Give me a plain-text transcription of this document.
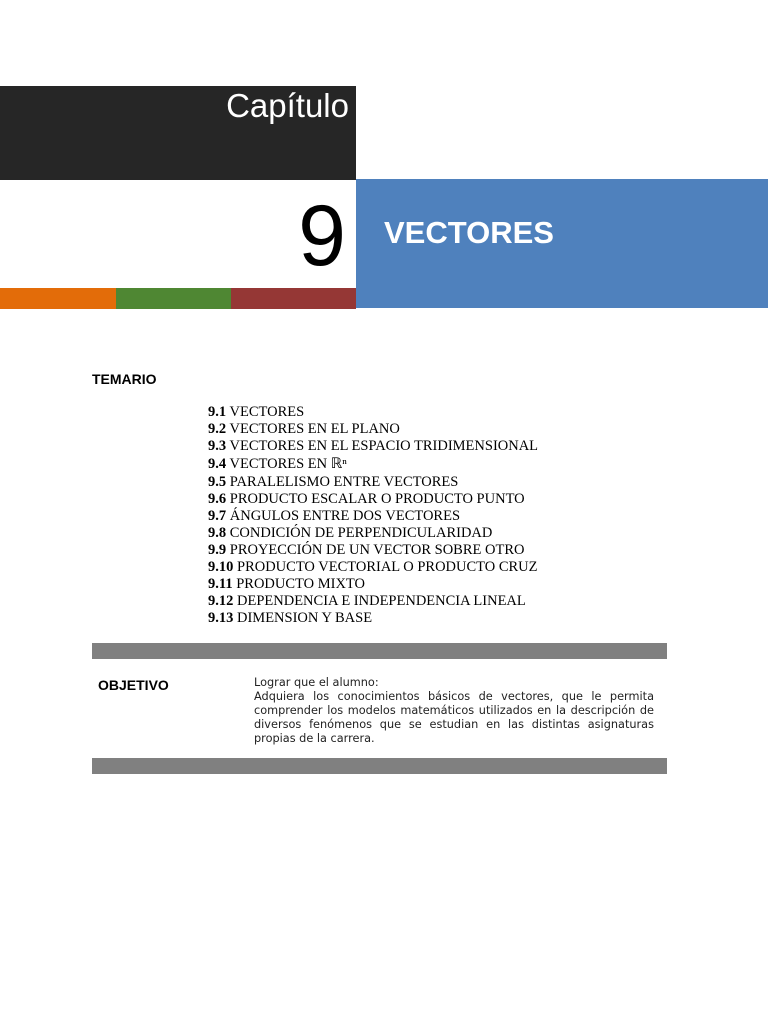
Capítulo
9 VECTORES
TEMARIO
9.1 VECTORES
9.2 VECTORES EN EL PLANO
9.3 VECTORES EN EL ESPACIO TRIDIMENSIONAL
9.4 VECTORES EN ℝⁿ
9.5 PARALELISMO ENTRE VECTORES
9.6 PRODUCTO ESCALAR O PRODUCTO PUNTO
9.7 ÁNGULOS ENTRE DOS VECTORES
9.8 CONDICIÓN DE PERPENDICULARIDAD
9.9 PROYECCIÓN DE UN VECTOR SOBRE OTRO
9.10 PRODUCTO VECTORIAL O PRODUCTO CRUZ
9.11 PRODUCTO MIXTO
9.12 DEPENDENCIA E INDEPENDENCIA LINEAL
9.13 DIMENSION Y BASE
OBJETIVO	Lograr que el alumno:

Adquiera los conocimientos básicos de vectores, que le permita comprender los modelos matemáticos utilizados en la descripción de diversos fenómenos que se estudian en las distintas asignaturas propias de la carrera.
